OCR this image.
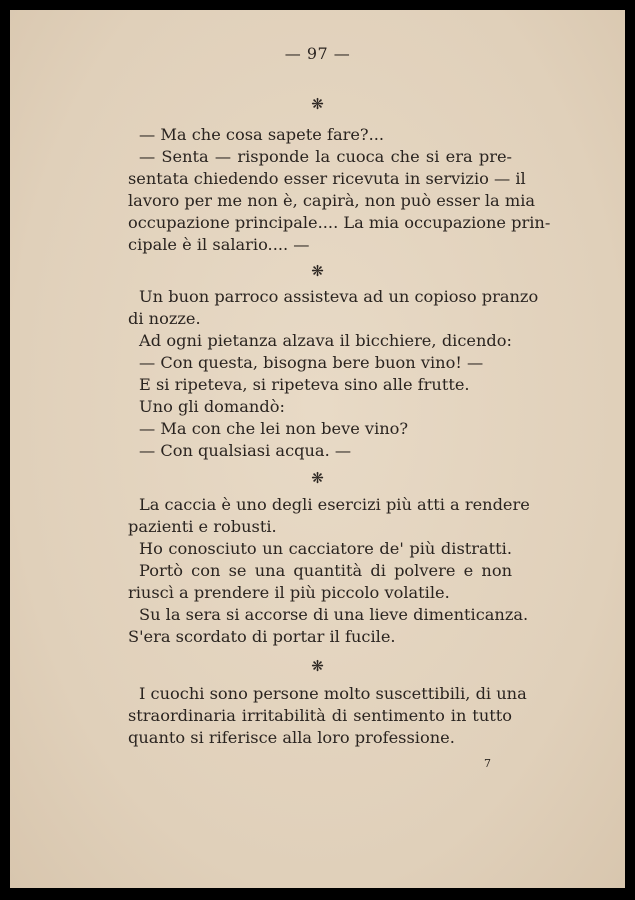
— 97 —
❋
— Ma che cosa sapete fare?...
— Senta — risponde la cuoca che si era pre-
sentata chiedendo esser ricevuta in servizio — il
lavoro per me non è, capirà, non può esser la mia
occupazione principale.... La mia occupazione prin-
cipale è il salario.... —
❋
Un buon parroco assisteva ad un copioso pranzo
di nozze.
Ad ogni pietanza alzava il bicchiere, dicendo:
— Con questa, bisogna bere buon vino! —
E si ripeteva, si ripeteva sino alle frutte.
Uno gli domandò:
— Ma con che lei non beve vino?
— Con qualsiasi acqua. —
❋
La caccia è uno degli esercizi più atti a rendere
pazienti e robusti.
Ho conosciuto un cacciatore de' più distratti.
Portò con se una quantità di polvere e non
riuscì a prendere il più piccolo volatile.
Su la sera si accorse di una lieve dimenticanza.
S'era scordato di portar il fucile.
❋
I cuochi sono persone molto suscettibili, di una
straordinaria irritabilità di sentimento in tutto
quanto si riferisce alla loro professione.
7
